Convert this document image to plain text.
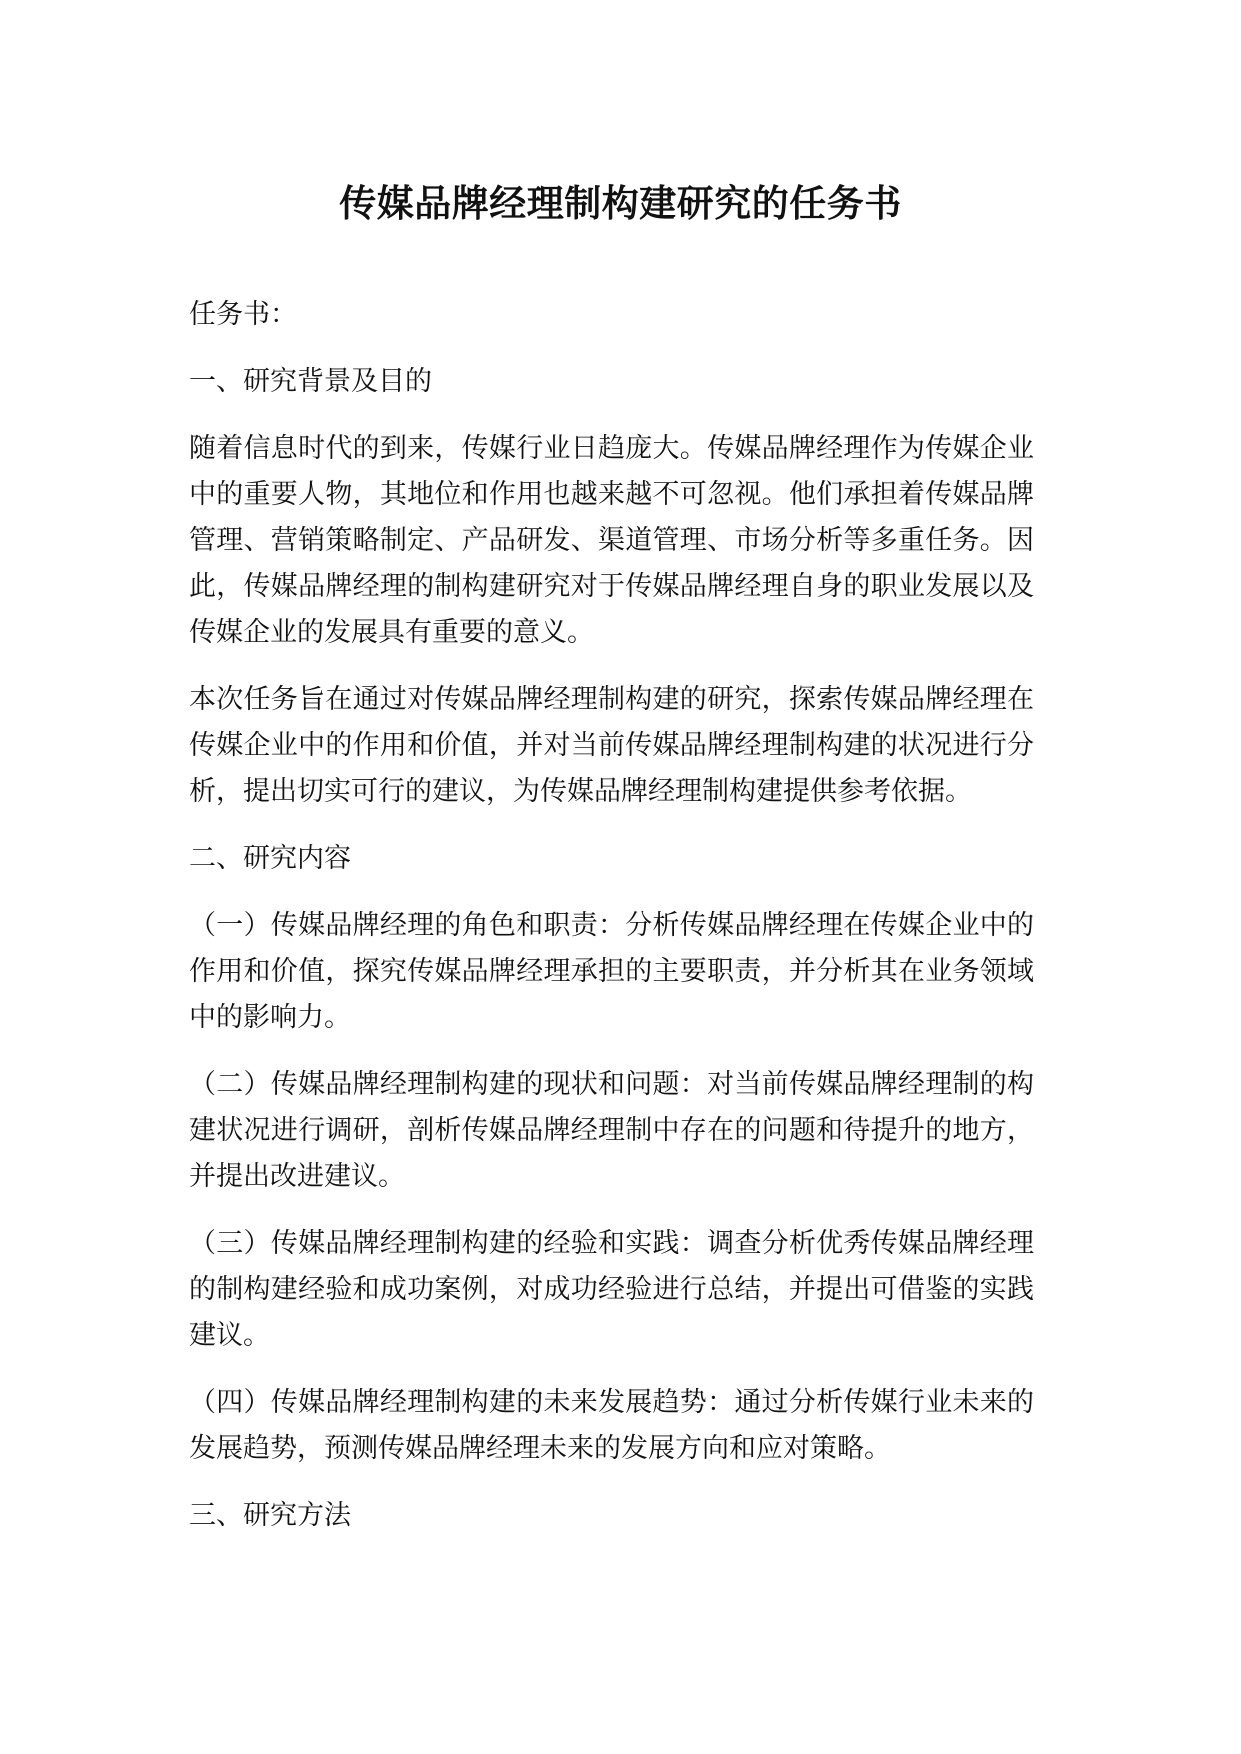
传媒品牌经理制构建研究的任务书

任务书：

一、研究背景及目的

随着信息时代的到来，传媒行业日趋庞大。传媒品牌经理作为传媒企业中的重要人物，其地位和作用也越来越不可忽视。他们承担着传媒品牌管理、营销策略制定、产品研发、渠道管理、市场分析等多重任务。因此，传媒品牌经理的制构建研究对于传媒品牌经理自身的职业发展以及传媒企业的发展具有重要的意义。

本次任务旨在通过对传媒品牌经理制构建的研究，探索传媒品牌经理在传媒企业中的作用和价值，并对当前传媒品牌经理制构建的状况进行分析，提出切实可行的建议，为传媒品牌经理制构建提供参考依据。

二、研究内容

（一）传媒品牌经理的角色和职责：分析传媒品牌经理在传媒企业中的作用和价值，探究传媒品牌经理承担的主要职责，并分析其在业务领域中的影响力。

（二）传媒品牌经理制构建的现状和问题：对当前传媒品牌经理制的构建状况进行调研，剖析传媒品牌经理制中存在的问题和待提升的地方，并提出改进建议。

（三）传媒品牌经理制构建的经验和实践：调查分析优秀传媒品牌经理的制构建经验和成功案例，对成功经验进行总结，并提出可借鉴的实践建议。

（四）传媒品牌经理制构建的未来发展趋势：通过分析传媒行业未来的发展趋势，预测传媒品牌经理未来的发展方向和应对策略。

三、研究方法
